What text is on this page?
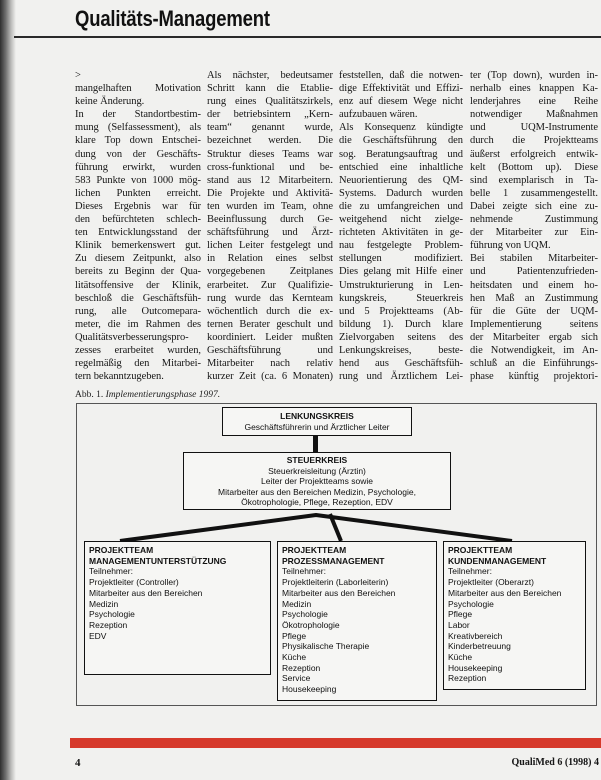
Qualitäts-Management
>
mangelhaften Motivation
keine Änderung.
In der Standortbestim-
mung (Selfassessment), als
klare Top down Entschei-
dung von der Geschäfts-
führung erwirkt, wurden
583 Punkte von 1000 mög-
lichen Punkten erreicht.
Dieses Ergebnis war für
den befürchteten schlech-
ten Entwicklungsstand der
Klinik bemerkenswert gut.
Zu diesem Zeitpunkt, also
bereits zu Beginn der Qua-
litätsoffensive der Klinik,
beschloß die Geschäftsfüh-
rung, alle Outcomepara-
meter, die im Rahmen des
Qualitätsverbesserungspro-
zesses erarbeitet wurden,
regelmäßig den Mitarbei-
tern bekanntzugeben.
Als nächster, bedeutsamer
Schritt kann die Etablie-
rung eines Qualitätszirkels,
der betriebsintern „Kern-
team“ genannt wurde,
bezeichnet werden. Die
Struktur dieses Teams war
cross-funktional und be-
stand aus 12 Mitarbeitern.
Die Projekte und Aktivitä-
ten wurden im Team, ohne
Beeinflussung durch Ge-
schäftsführung und Ärzt-
lichen Leiter festgelegt und
in Relation eines selbst
vorgegebenen Zeitplanes
erarbeitet. Zur Qualifizie-
rung wurde das Kernteam
wöchentlich durch die ex-
ternen Berater geschult und
koordiniert. Leider mußten
Geschäftsführung und
Mitarbeiter nach relativ
kurzer Zeit (ca. 6 Monaten)
feststellen, daß die notwen-
dige Effektivität und Effizi-
enz auf diesem Wege nicht
aufzubauen wären.
Als Konsequenz kündigte
die Geschäftsführung den
sog. Beratungsauftrag und
entschied eine inhaltliche
Neuorientierung des QM-
Systems. Dadurch wurden
die zu umfangreichen und
weitgehend nicht zielge-
richteten Aktivitäten in ge-
nau festgelegte Problem-
stellungen modifiziert.
Dies gelang mit Hilfe einer
Umstrukturierung in Len-
kungskreis, Steuerkreis
und 5 Projektteams (Ab-
bildung 1). Durch klare
Zielvorgaben seitens des
Lenkungskreises, beste-
hend aus Geschäftsfüh-
rung und Ärztlichem Lei-
ter (Top down), wurden in-
nerhalb eines knappen Ka-
lenderjahres eine Reihe
notwendiger Maßnahmen
und UQM-Instrumente
durch die Projektteams
äußerst erfolgreich entwik-
kelt (Bottom up). Diese
sind exemplarisch in Ta-
belle 1 zusammengestellt.
Dabei zeigte sich eine zu-
nehmende Zustimmung
der Mitarbeiter zur Ein-
führung von UQM.
Bei stabilen Mitarbeiter-
und Patientenzufrieden-
heitsdaten und einem ho-
hen Maß an Zustimmung
für die Güte der UQM-
Implementierung seitens
der Mitarbeiter ergab sich
die Notwendigkeit, im An-
schluß an die Einführungs-
phase künftig projektori-
Abb. 1. Implementierungsphase 1997.
LENKUNGSKREIS
Geschäftsführerin und Ärztlicher Leiter
STEUERKREIS
Steuerkreisleitung (Ärztin)
Leiter der Projektteams sowie
Mitarbeiter aus den Bereichen Medizin, Psychologie,
Ökotrophologie, Pflege, Rezeption, EDV
PROJEKTTEAM
MANAGEMENTUNTERSTÜTZUNG
Teilnehmer:
Projektleiter (Controller)
Mitarbeiter aus den Bereichen
Medizin
Psychologie
Rezeption
EDV
PROJEKTTEAM
PROZESSMANAGEMENT
Teilnehmer:
Projektleiterin (Laborleiterin)
Mitarbeiter aus den Bereichen
Medizin
Psychologie
Ökotrophologie
Pflege
Physikalische Therapie
Küche
Rezeption
Service
Housekeeping
PROJEKTTEAM
KUNDENMANAGEMENT
Teilnehmer:
Projektleiter (Oberarzt)
Mitarbeiter aus den Bereichen
Psychologie
Pflege
Labor
Kreativbereich
Kinderbetreuung
Küche
Housekeeping
Rezeption
4	QualiMed 6 (1998) 4
